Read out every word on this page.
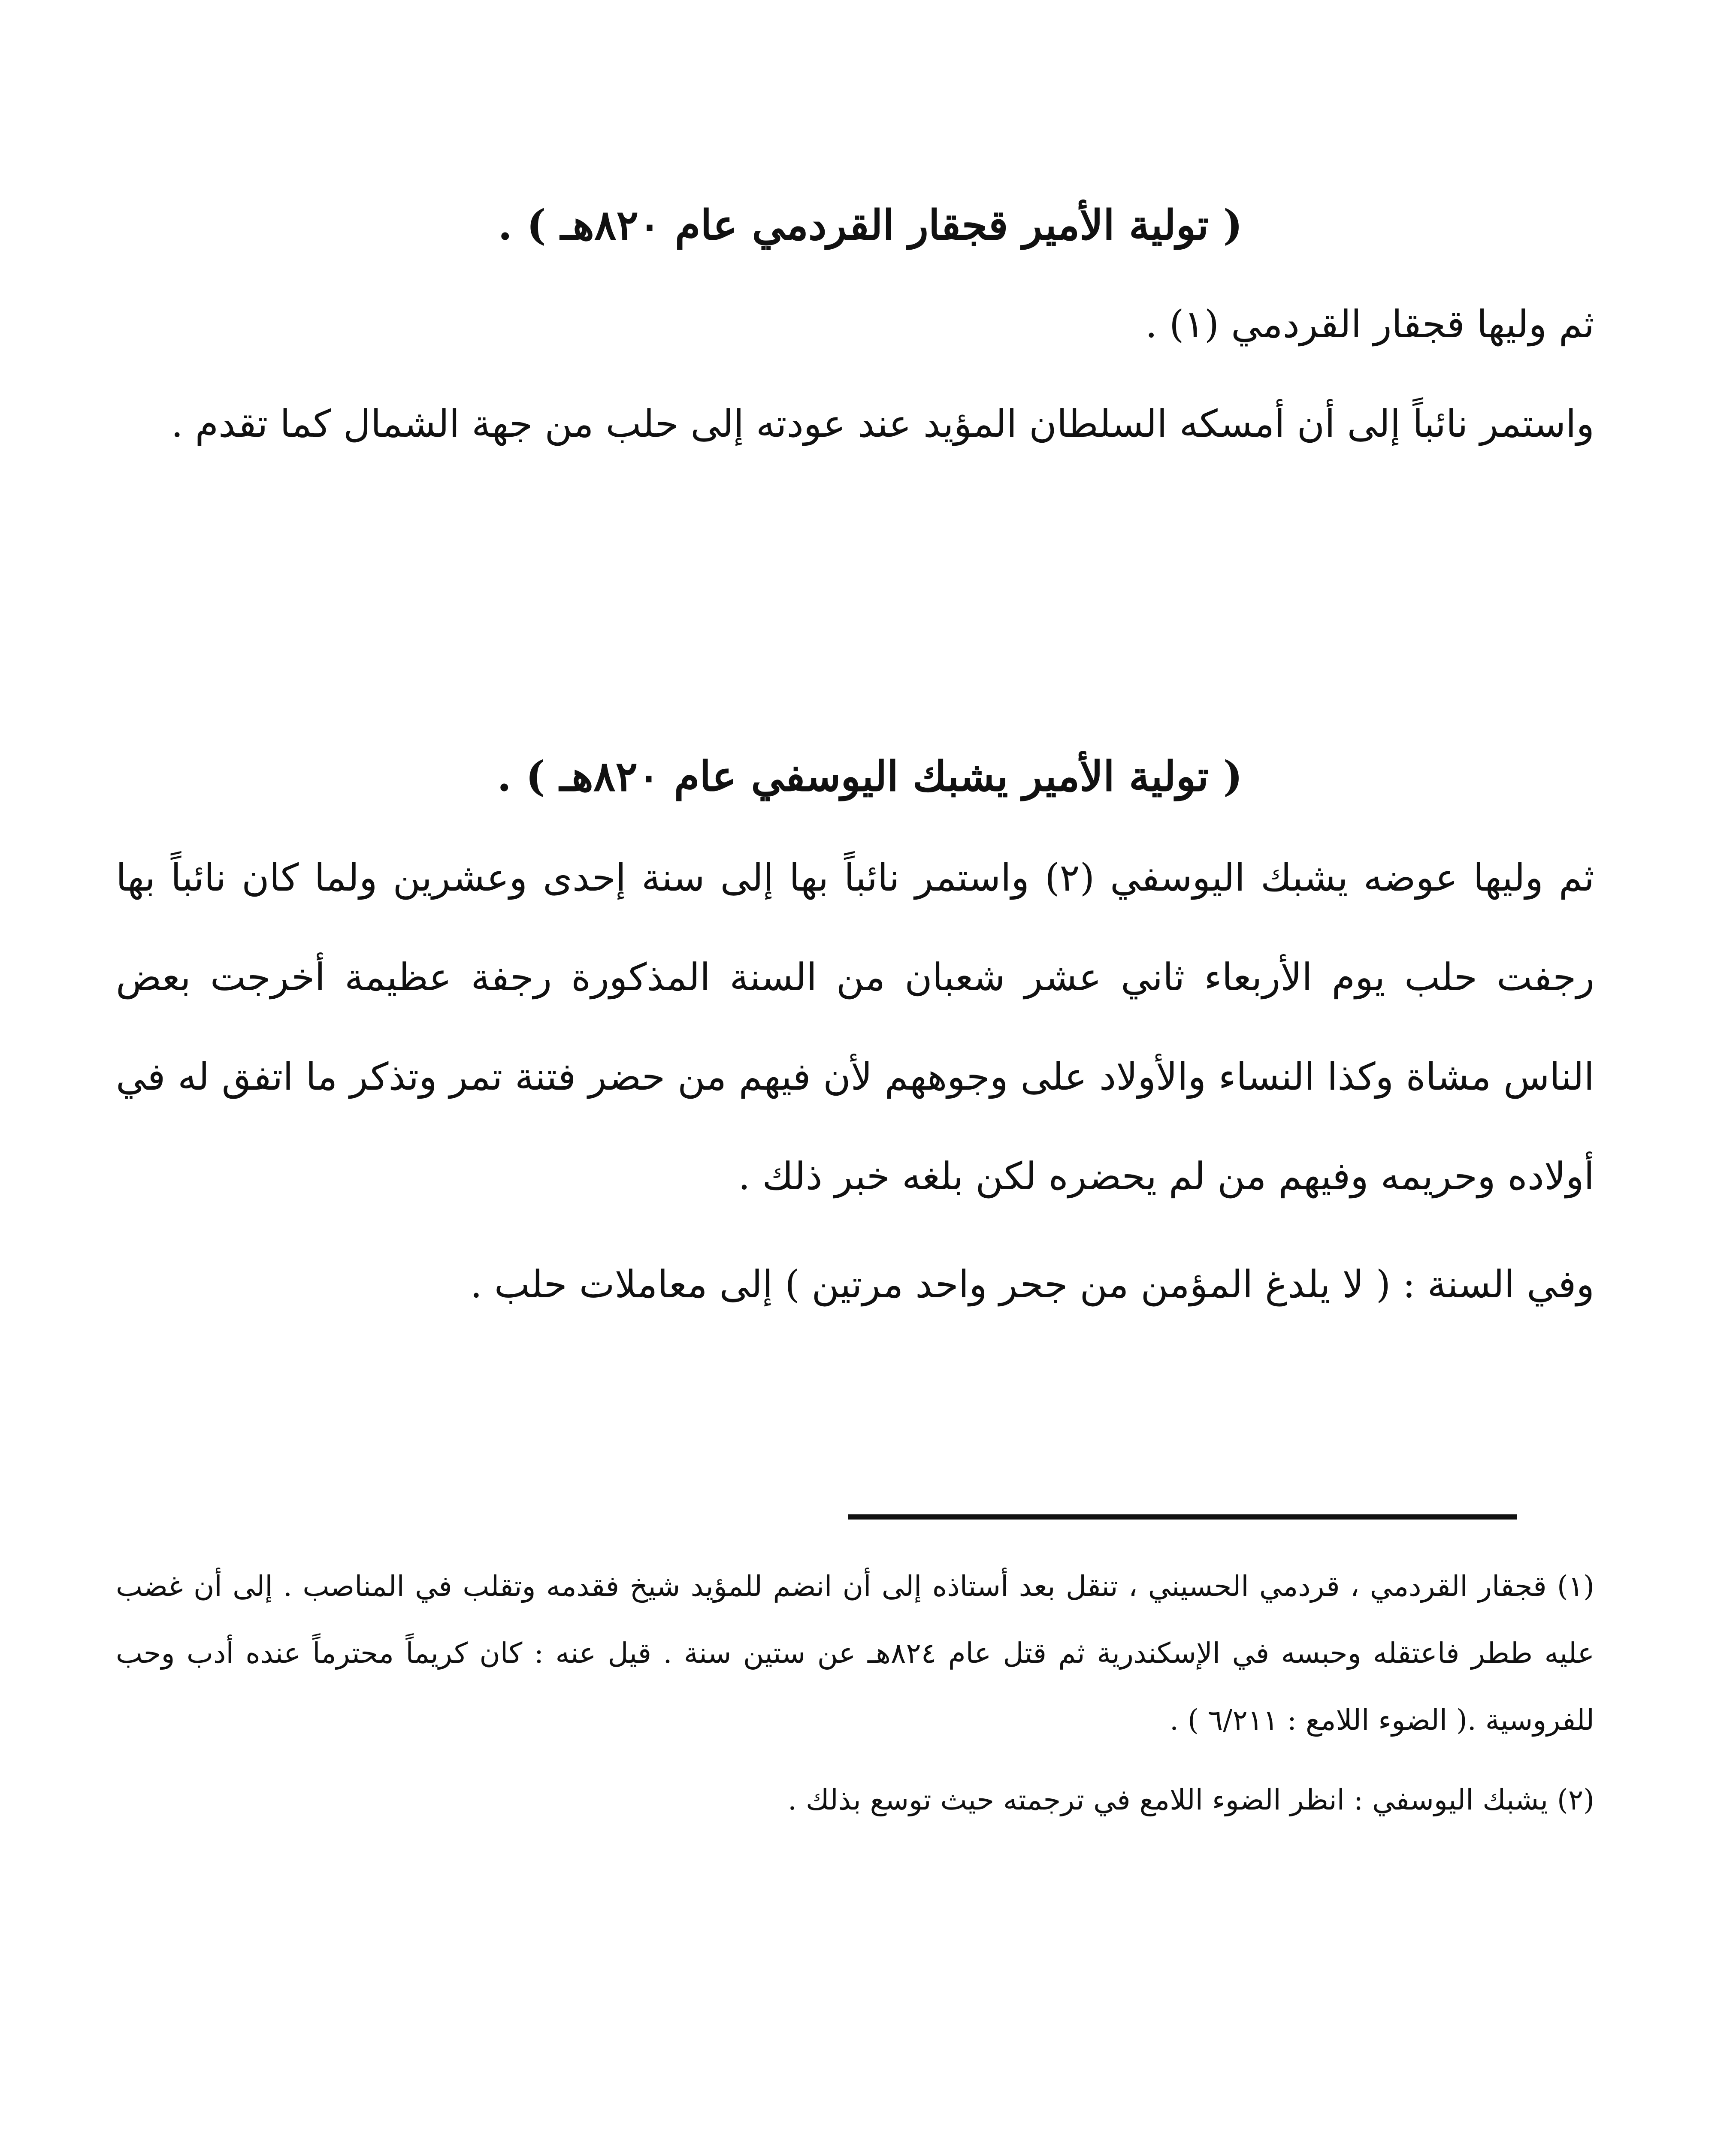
( تولية الأمير قجقار القردمي عام ٨٢٠هـ ) .

ثم وليها قجقار القردمي (١) .

واستمر نائباً إلى أن أمسكه السلطان المؤيد عند عودته إلى حلب من جهة الشمال كما تقدم .

( تولية الأمير يشبك اليوسفي عام ٨٢٠هـ ) .

ثم وليها عوضه يشبك اليوسفي (٢) واستمر نائباً بها إلى سنة إحدى وعشرين ولما كان نائباً بها رجفت حلب يوم الأربعاء ثاني عشر شعبان من السنة المذكورة رجفة عظيمة أخرجت بعض الناس مشاة وكذا النساء والأولاد على وجوههم لأن فيهم من حضر فتنة تمر وتذكر ما اتفق له في أولاده وحريمه وفيهم من لم يحضره لكن بلغه خبر ذلك .

وفي السنة : ( لا يلدغ المؤمن من جحر واحد مرتين ) إلى معاملات حلب .

(١) قجقار القردمي ، قردمي الحسيني ، تنقل بعد أستاذه إلى أن انضم للمؤيد شيخ فقدمه وتقلب في المناصب . إلى أن غضب عليه ططر فاعتقله وحبسه في الإسكندرية ثم قتل عام ٨٢٤هـ عن ستين سنة . قيل عنه : كان كريماً محترماً عنده أدب وحب للفروسية .( الضوء اللامع : ٦/٢١١ ) .

(٢) يشبك اليوسفي : انظر الضوء اللامع في ترجمته حيث توسع بذلك .
